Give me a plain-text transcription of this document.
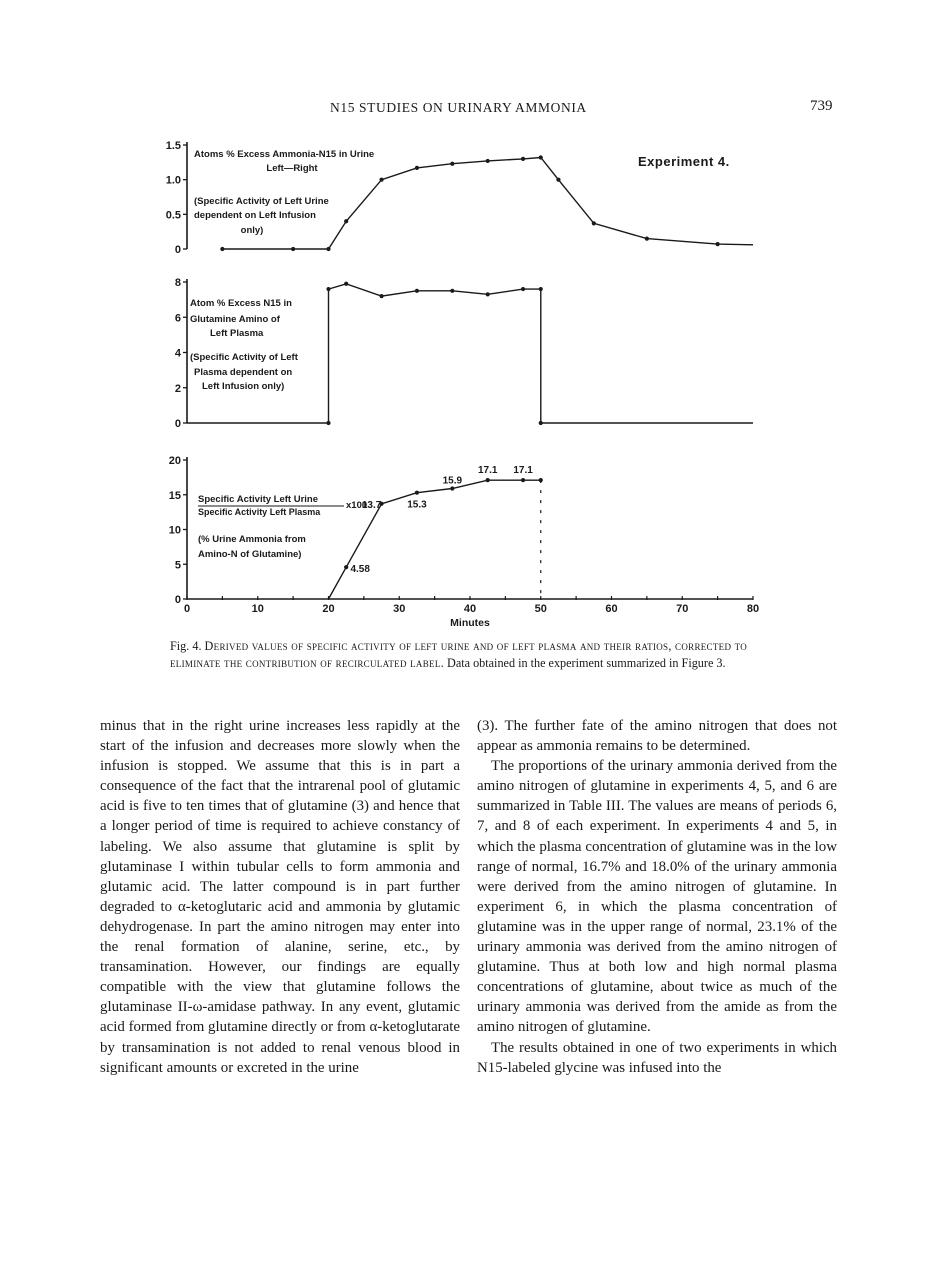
N15 STUDIES ON URINARY AMMONIA	739
1.5
1.0
0.5
0
Atoms % Excess Ammonia-N15 in Urine
Left—Right
(Specific Activity of Left Urine
dependent on Left Infusion
only)
Experiment 4.
8
6
4
2
0
Atom % Excess N15 in
Glutamine Amino of
Left Plasma
(Specific Activity of Left
Plasma dependent on
Left Infusion only)
20
15
10
5
0
Specific Activity Left Urine
Specific Activity Left Plasma
x100
(% Urine Ammonia from
Amino-N of Glutamine)
4.58
13.7	15.3
15.9
17.1 17.1
0	10	20	30	40	50	60	70	80
Minutes
Fig. 4. Derived values of specific activity of left urine and of left plasma and their ratios, corrected to eliminate the contribution of recirculated label. Data obtained in the experiment summarized in Figure 3.

minus that in the right urine increases less rapidly at the start of the infusion and decreases more slowly when the infusion is stopped. We assume that this is in part a consequence of the fact that the intrarenal pool of glutamic acid is five to ten times that of glutamine (3) and hence that a longer period of time is required to achieve constancy of labeling. We also assume that glutamine is split by glutaminase I within tubular cells to form ammonia and glutamic acid. The latter compound is in part further degraded to α-ketoglutaric acid and ammonia by glutamic dehydrogenase. In part the amino nitrogen may enter into the renal formation of alanine, serine, etc., by transamination. However, our findings are equally compatible with the view that glutamine follows the glutaminase II-ω-amidase pathway. In any event, glutamic acid formed from glutamine directly or from α-ketoglutarate by transamination is not added to renal venous blood in significant amounts or excreted in the urine

(3). The further fate of the amino nitrogen that does not appear as ammonia remains to be determined.

The proportions of the urinary ammonia derived from the amino nitrogen of glutamine in experiments 4, 5, and 6 are summarized in Table III. The values are means of periods 6, 7, and 8 of each experiment. In experiments 4 and 5, in which the plasma concentration of glutamine was in the low range of normal, 16.7% and 18.0% of the urinary ammonia were derived from the amino nitrogen of glutamine. In experiment 6, in which the plasma concentration of glutamine was in the upper range of normal, 23.1% of the urinary ammonia was derived from the amino nitrogen of glutamine. Thus at both low and high normal plasma concentrations of glutamine, about twice as much of the urinary ammonia was derived from the amide as from the amino nitrogen of glutamine.

The results obtained in one of two experiments in which N15-labeled glycine was infused into the
